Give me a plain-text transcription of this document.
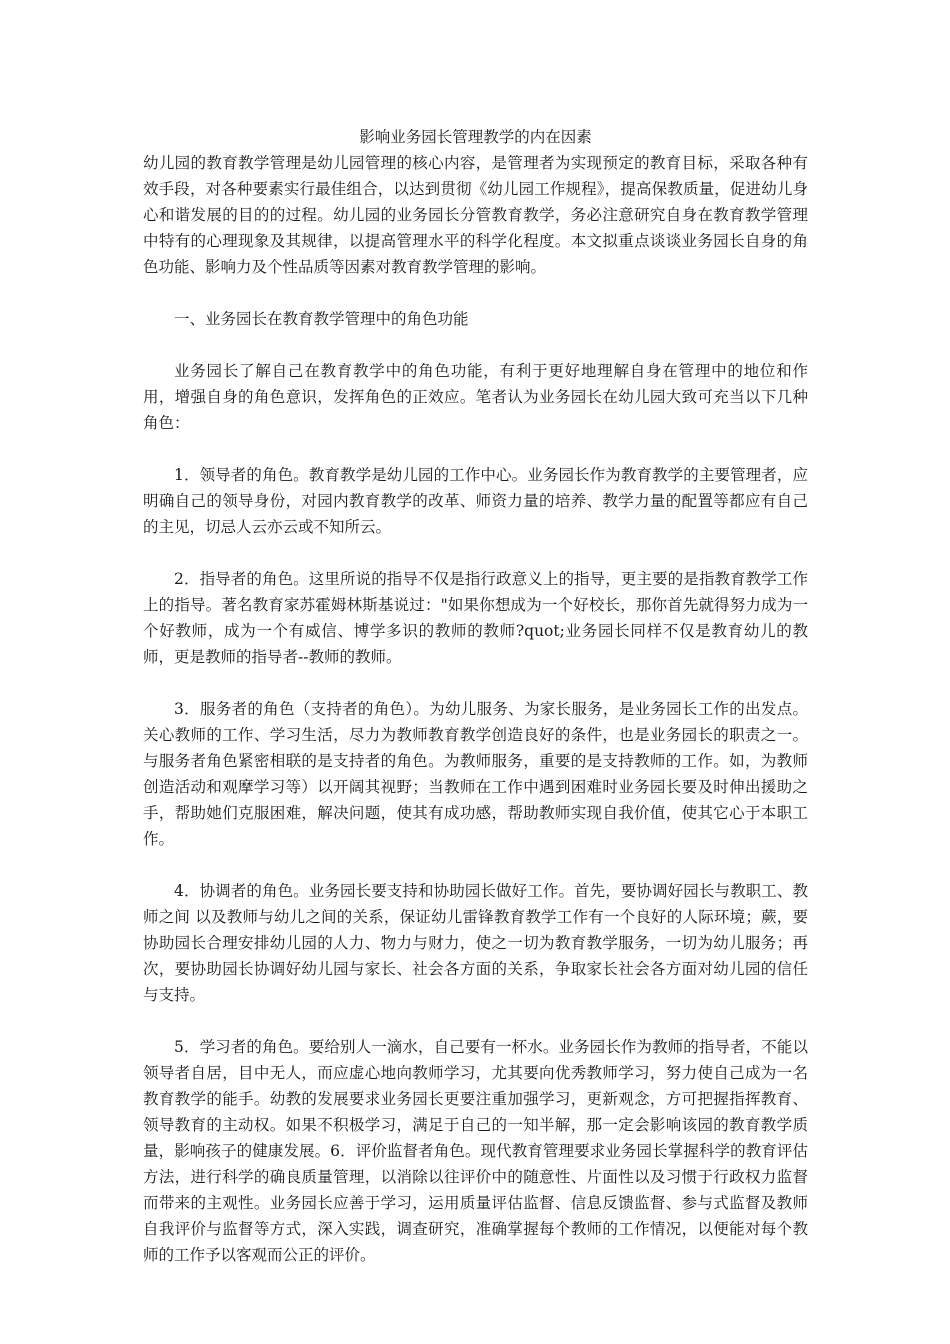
影响业务园长管理教学的内在因素

幼儿园的教育教学管理是幼儿园管理的核心内容，是管理者为实现预定的教育目标，采取各种有效手段，对各种要素实行最佳组合，以达到贯彻《幼儿园工作规程》，提高保教质量，促进幼儿身心和谐发展的目的的过程。幼儿园的业务园长分管教育教学，务必注意研究自身在教育教学管理中特有的心理现象及其规律，以提高管理水平的科学化程度。本文拟重点谈谈业务园长自身的角色功能、影响力及个性品质等因素对教育教学管理的影响。

一、业务园长在教育教学管理中的角色功能

业务园长了解自己在教育教学中的角色功能，有利于更好地理解自身在管理中的地位和作用，增强自身的角色意识，发挥角色的正效应。笔者认为业务园长在幼儿园大致可充当以下几种角色：

1．领导者的角色。教育教学是幼儿园的工作中心。业务园长作为教育教学的主要管理者，应明确自己的领导身份，对园内教育教学的改革、师资力量的培养、教学力量的配置等都应有自己的主见，切忌人云亦云或不知所云。

2．指导者的角色。这里所说的指导不仅是指行政意义上的指导，更主要的是指教育教学工作上的指导。著名教育家苏霍姆林斯基说过："如果你想成为一个好校长，那你首先就得努力成为一个好教师，成为一个有威信、博学多识的教师的教师?quot;业务园长同样不仅是教育幼儿的教师，更是教师的指导者--教师的教师。

3．服务者的角色（支持者的角色）。为幼儿服务、为家长服务，是业务园长工作的出发点。关心教师的工作、学习生活，尽力为教师教育教学创造良好的条件，也是业务园长的职责之一。与服务者角色紧密相联的是支持者的角色。为教师服务，重要的是支持教师的工作。如，为教师创造活动和观摩学习等）以开阔其视野；当教师在工作中遇到困难时业务园长要及时伸出援助之手，帮助她们克服困难，解决问题，使其有成功感，帮助教师实现自我价值，使其它心于本职工作。

4．协调者的角色。业务园长要支持和协助园长做好工作。首先，要协调好园长与教职工、教师之间 以及教师与幼儿之间的关系，保证幼儿雷锋教育教学工作有一个良好的人际环境；蕨，要协助园长合理安排幼儿园的人力、物力与财力，使之一切为教育教学服务，一切为幼儿服务；再次，要协助园长协调好幼儿园与家长、社会各方面的关系，争取家长社会各方面对幼儿园的信任与支持。

5．学习者的角色。要给别人一滴水，自己要有一杯水。业务园长作为教师的指导者，不能以领导者自居，目中无人，而应虚心地向教师学习，尤其要向优秀教师学习，努力使自己成为一名教育教学的能手。幼教的发展要求业务园长更要注重加强学习，更新观念，方可把握指挥教育、领导教育的主动权。如果不积极学习，满足于自己的一知半解，那一定会影响该园的教育教学质量，影响孩子的健康发展。6．评价监督者角色。现代教育管理要求业务园长掌握科学的教育评估方法，进行科学的确良质量管理，以消除以往评价中的随意性、片面性以及习惯于行政权力监督而带来的主观性。业务园长应善于学习，运用质量评估监督、信息反馈监督、参与式监督及教师自我评价与监督等方式，深入实践，调查研究，准确掌握每个教师的工作情况，以便能对每个教师的工作予以客观而公正的评价。
